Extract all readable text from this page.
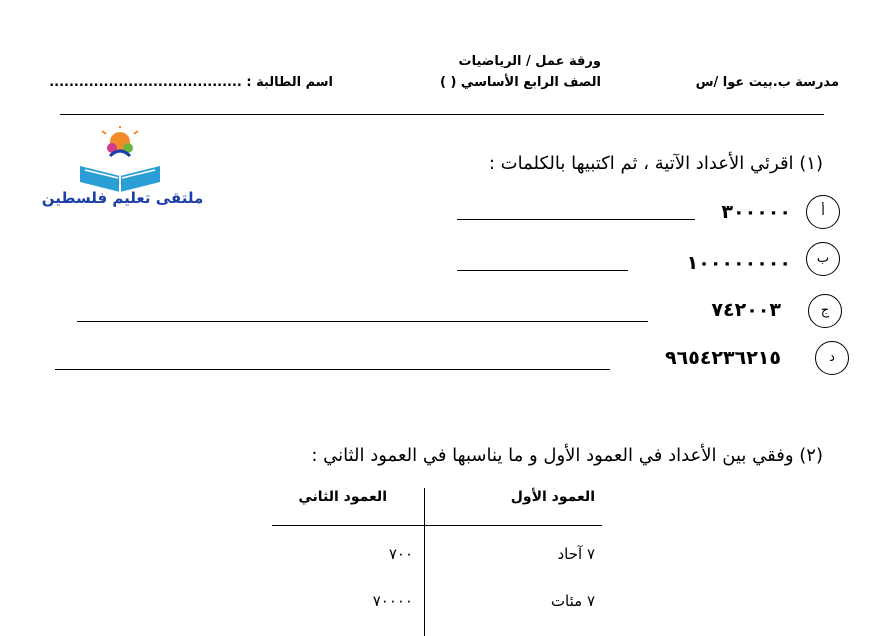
مدرسة ب.بيت عوا /س
ورقة عمل / الرياضيات
الصف الرابع الأساسي ( )
اسم الطالبة : .......................................
ملتقى تعليم فلسطين
(١) اقرئي الأعداد الآتية ، ثم اكتبيها بالكلمات :
أ
٣٠٠٠٠٠
ب
١٠٠٠٠٠٠٠٠
ج
٧٤٢٠٠٣
د
٩٦٥٤٢٣٦٢١٥
(٢) وفقي بين الأعداد في العمود الأول و ما يناسبها في العمود الثاني :
العمود الأول
العمود الثاني
٧ آحاد
٧٠٠
٧ مئات
٧٠٠٠٠
